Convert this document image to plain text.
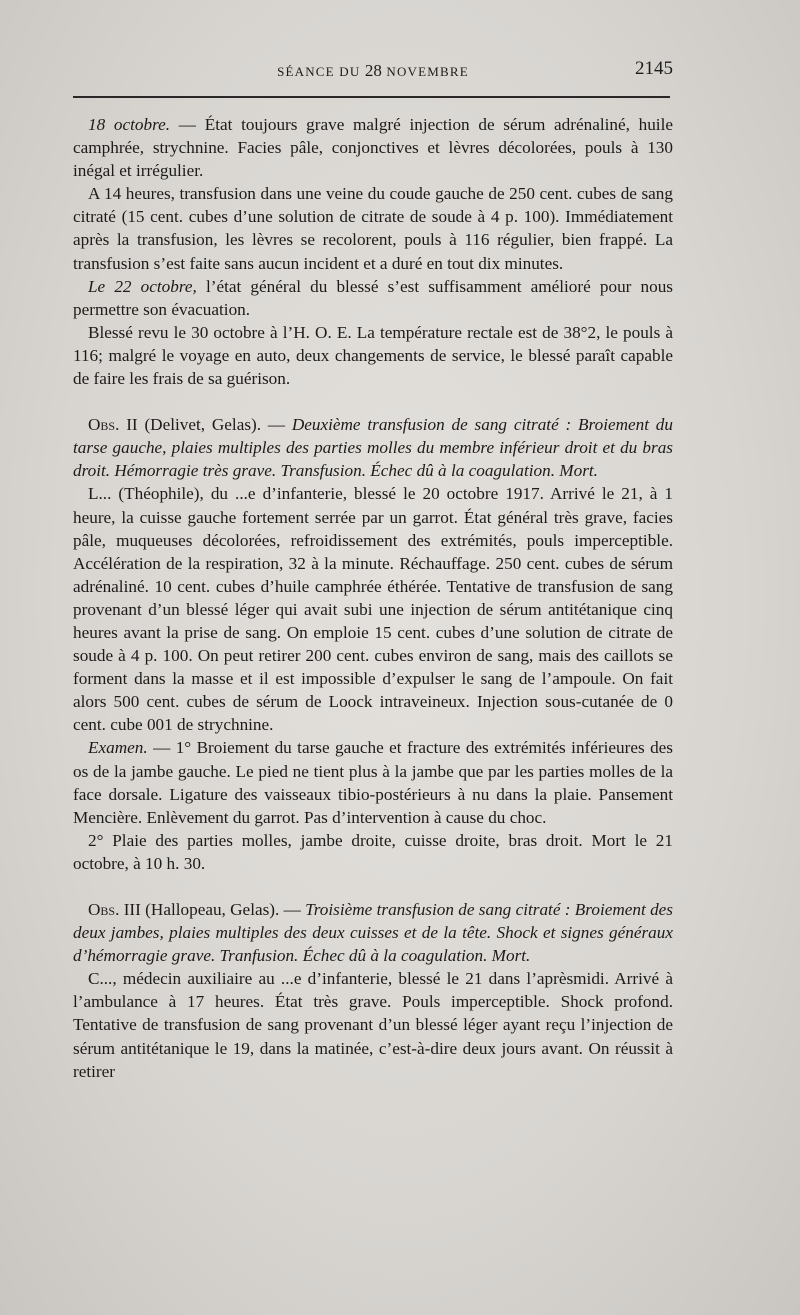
SÉANCE DU 28 NOVEMBRE	2145

18 octobre. — État toujours grave malgré injection de sérum adrénaliné, huile camphrée, strychnine. Facies pâle, conjonctives et lèvres décolorées, pouls à 130 inégal et irrégulier.

A 14 heures, transfusion dans une veine du coude gauche de 250 cent. cubes de sang citraté (15 cent. cubes d’une solution de citrate de soude à 4 p. 100). Immédiatement après la transfusion, les lèvres se recolorent, pouls à 116 régulier, bien frappé. La transfusion s’est faite sans aucun incident et a duré en tout dix minutes.

Le 22 octobre, l’état général du blessé s’est suffisamment amélioré pour nous permettre son évacuation.

Blessé revu le 30 octobre à l’H. O. E. La température rectale est de 38°2, le pouls à 116; malgré le voyage en auto, deux changements de service, le blessé paraît capable de faire les frais de sa guérison.

Obs. II (Delivet, Gelas). — Deuxième transfusion de sang citraté : Broiement du tarse gauche, plaies multiples des parties molles du membre inférieur droit et du bras droit. Hémorragie très grave. Transfusion. Échec dû à la coagulation. Mort.

L... (Théophile), du ...e d’infanterie, blessé le 20 octobre 1917. Arrivé le 21, à 1 heure, la cuisse gauche fortement serrée par un garrot. État général très grave, facies pâle, muqueuses décolorées, refroidissement des extrémités, pouls imperceptible. Accélération de la respiration, 32 à la minute. Réchauffage. 250 cent. cubes de sérum adrénaliné. 10 cent. cubes d’huile camphrée éthérée. Tentative de transfusion de sang provenant d’un blessé léger qui avait subi une injection de sérum antitétanique cinq heures avant la prise de sang. On emploie 15 cent. cubes d’une solution de citrate de soude à 4 p. 100. On peut retirer 200 cent. cubes environ de sang, mais des caillots se forment dans la masse et il est impossible d’expulser le sang de l’ampoule. On fait alors 500 cent. cubes de sérum de Loock intraveineux. Injection sous-cutanée de 0 cent. cube 001 de strychnine.

Examen. — 1° Broiement du tarse gauche et fracture des extrémités inférieures des os de la jambe gauche. Le pied ne tient plus à la jambe que par les parties molles de la face dorsale. Ligature des vaisseaux tibio-postérieurs à nu dans la plaie. Pansement Mencière. Enlèvement du garrot. Pas d’intervention à cause du choc.

2° Plaie des parties molles, jambe droite, cuisse droite, bras droit. Mort le 21 octobre, à 10 h. 30.

Obs. III (Hallopeau, Gelas). — Troisième transfusion de sang citraté : Broiement des deux jambes, plaies multiples des deux cuisses et de la tête. Shock et signes généraux d’hémorragie grave. Tranfusion. Échec dû à la coagulation. Mort.

C..., médecin auxiliaire au ...e d’infanterie, blessé le 21 dans l’aprèsmidi. Arrivé à l’ambulance à 17 heures. État très grave. Pouls imperceptible. Shock profond. Tentative de transfusion de sang provenant d’un blessé léger ayant reçu l’injection de sérum antitétanique le 19, dans la matinée, c’est-à-dire deux jours avant. On réussit à retirer
